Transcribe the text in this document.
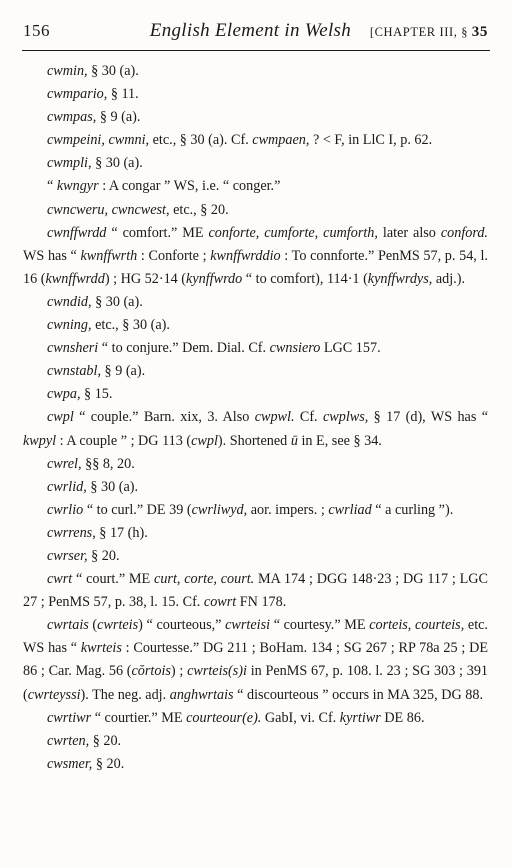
156	English Element in Welsh	[CHAPTER III, § 35

cwmin, § 30 (a).

cwmpario, § 11.

cwmpas, § 9 (a).

cwmpeini, cwmni, etc., § 30 (a). Cf. cwmpaen, ? < F, in LlC I, p. 62.

cwmpli, § 30 (a).

“ kwngyr : A congar ” WS, i.e. “ conger.”

cwncweru, cwncwest, etc., § 20.

cwnffwrdd “ comfort.” ME conforte, cumforte, cumforth, later also conford. WS has “ kwnffwrth : Conforte ; kwnffwrddio : To connforte.” PenMS 57, p. 54, l. 16 (kwnffwrdd) ; HG 52·14 (kynffwrdo “ to comfort), 114·1 (kynffwrdys, adj.).

cwndid, § 30 (a).

cwning, etc., § 30 (a).

cwnsheri “ to conjure.” Dem. Dial. Cf. cwnsiero LGC 157.

cwnstabl, § 9 (a).

cwpa, § 15.

cwpl “ couple.” Barn. xix, 3. Also cwpwl. Cf. cwplws, § 17 (d), WS has “ kwpyl : A couple ” ; DG 113 (cwpl). Shortened ū in E, see § 34.

cwrel, §§ 8, 20.

cwrlid, § 30 (a).

cwrlio “ to curl.” DE 39 (cwrliwyd, aor. impers. ; cwrliad “ a curling ”).

cwrrens, § 17 (h).

cwrser, § 20.

cwrt “ court.” ME curt, corte, court. MA 174 ; DGG 148·23 ; DG 117 ; LGC 27 ; PenMS 57, p. 38, l. 15. Cf. cowrt FN 178.

cwrtais (cwrteis) “ courteous,” cwrteisi “ courtesy.” ME corteis, courteis, etc. WS has “ kwrteis : Courtesse.” DG 211 ; BoHam. 134 ; SG 267 ; RP 78a 25 ; DE 86 ; Car. Mag. 56 (cŏrtois) ; cwrteis(s)i in PenMS 67, p. 108. l. 23 ; SG 303 ; 391 (cwrteyssi). The neg. adj. anghwrtais “ discourteous ” occurs in MA 325, DG 88.

cwrtiwr “ courtier.” ME courteour(e). GabI, vi. Cf. kyrtiwr DE 86.

cwrten, § 20.

cwsmer, § 20.
